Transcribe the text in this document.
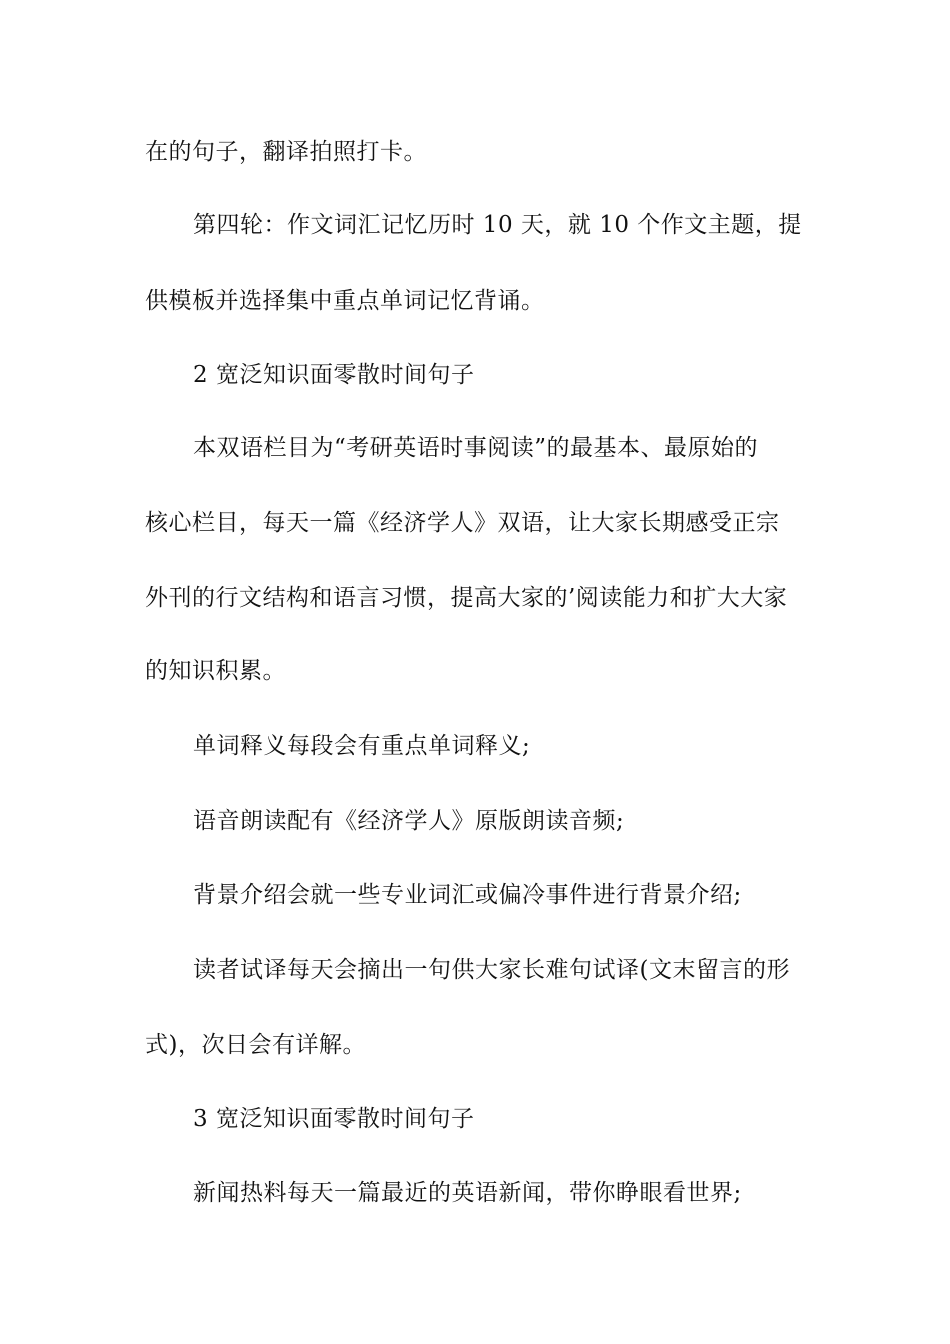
在的句子，翻译拍照打卡。
第四轮：作文词汇记忆历时 10 天，就 10 个作文主题，提
供模板并选择集中重点单词记忆背诵。
2 宽泛知识面零散时间句子
本双语栏目为“考研英语时事阅读”的最基本、最原始的
核心栏目，每天一篇《经济学人》双语，让大家长期感受正宗
外刊的行文结构和语言习惯，提高大家的’阅读能力和扩大大家
的知识积累。
单词释义每段会有重点单词释义;
语音朗读配有《经济学人》原版朗读音频;
背景介绍会就一些专业词汇或偏冷事件进行背景介绍;
读者试译每天会摘出一句供大家长难句试译(文末留言的形
式)，次日会有详解。
3 宽泛知识面零散时间句子
新闻热料每天一篇最近的英语新闻，带你睁眼看世界;
